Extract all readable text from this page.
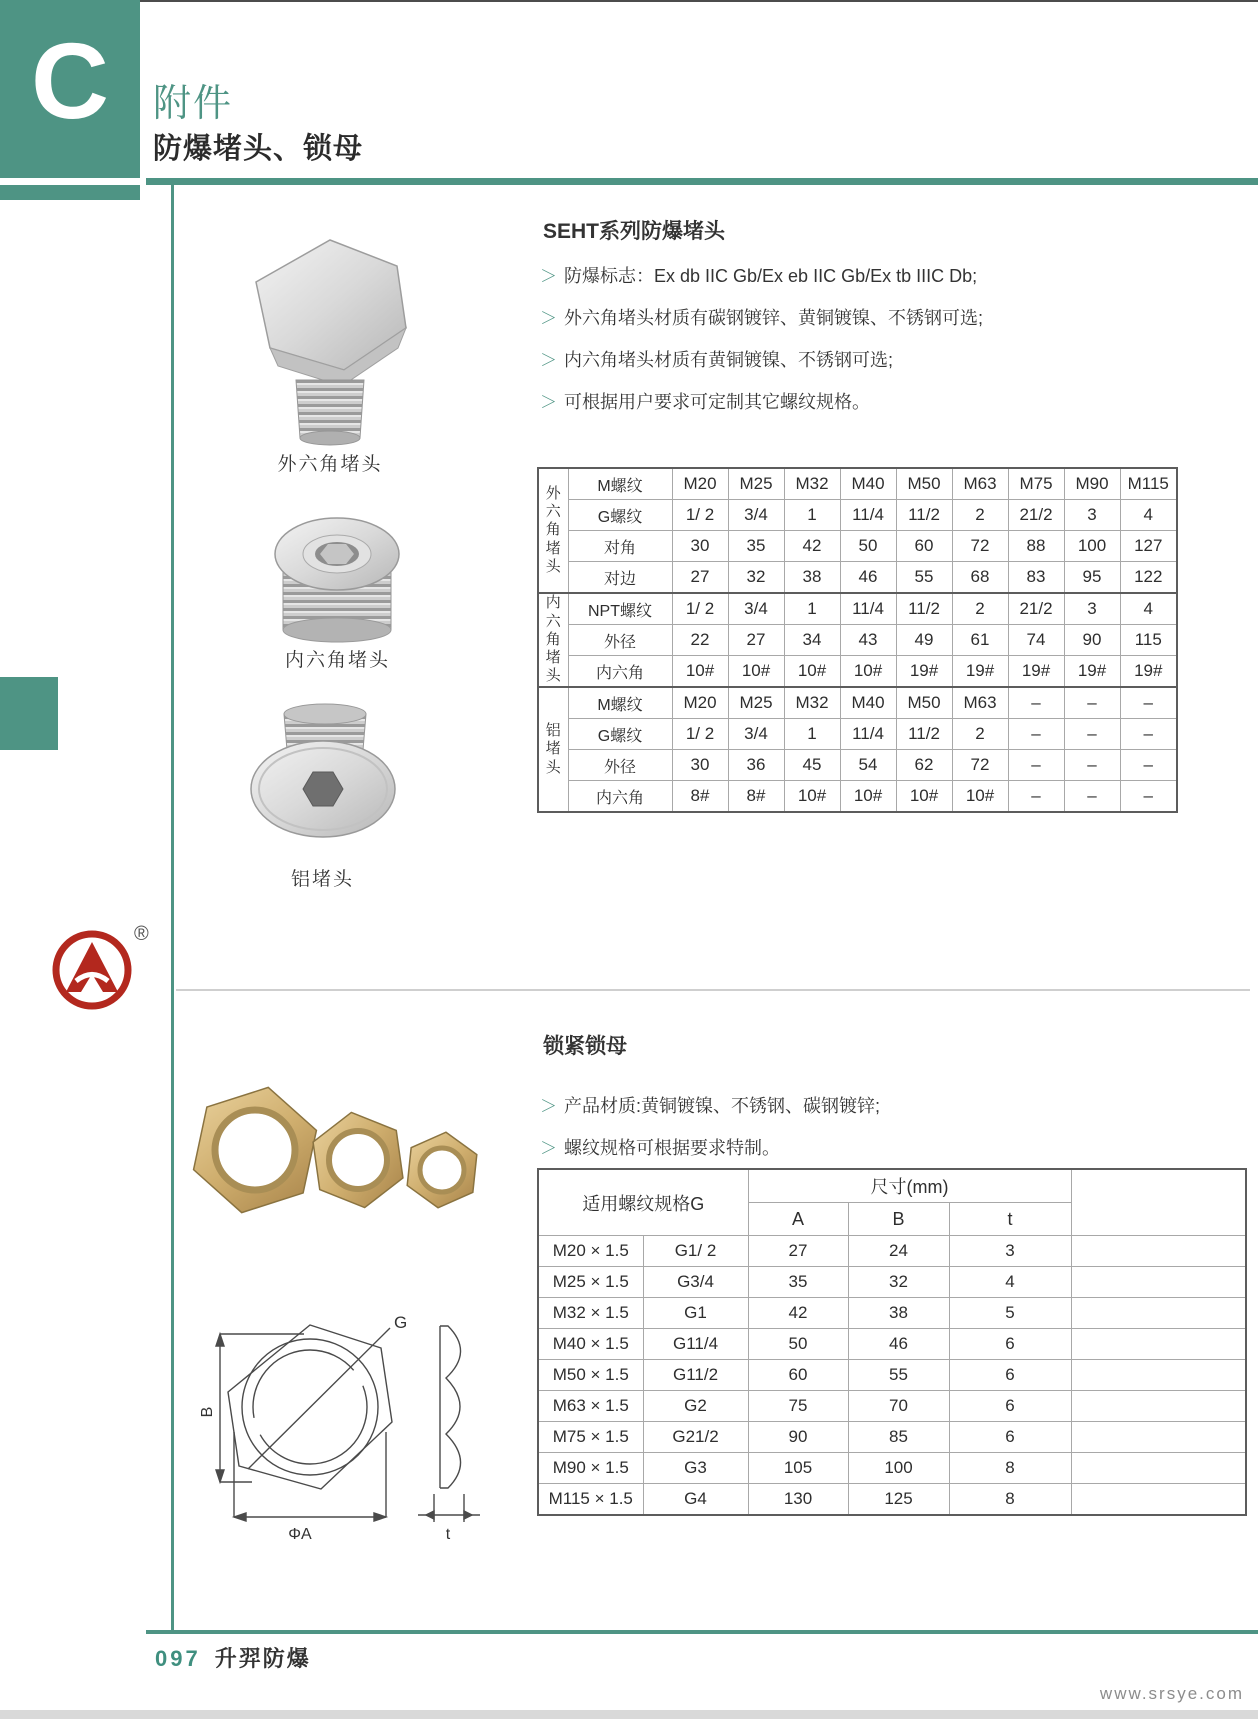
C	附件
防爆堵头、锁母
®
SEHT系列防爆堵头
＞ 防爆标志：Ex db IIC Gb/Ex eb IIC Gb/Ex tb IIIC Db;
＞ 外六角堵头材质有碳钢镀锌、黄铜镀镍、不锈钢可选;
＞ 内六角堵头材质有黄铜镀镍、不锈钢可选;
＞ 可根据用户要求可定制其它螺纹规格。
外六角堵头
内六角堵头
铝堵头
外六角堵头	M螺纹	M20	M25	M32	M40	M50	M63	M75	M90	M115
	G螺纹	1/ 2	3/4	1	11/4	11/2	2	21/2	3	4
	对角	30	35	42	50	60	72	88	100	127
	对边	27	32	38	46	55	68	83	95	122

内六角堵头	NPT螺纹	1/ 2	3/4	1	11/4	11/2	2	21/2	3	4
	外径	22	27	34	43	49	61	74	90	115
	内六角	10#	10#	10#	10#	19#	19#	19#	19#	19#

铝堵头	M螺纹	M20	M25	M32	M40	M50	M63	–	–	–
	G螺纹	1/ 2	3/4	1	11/4	11/2	2	–	–	–
	外径	30	36	45	54	62	72	–	–	–
	内六角	8#	8#	10#	10#	10#	10#	–	–	–
锁紧锁母
＞ 产品材质:黄铜镀镍、不锈钢、碳钢镀锌;
＞ 螺纹规格可根据要求特制。
G
B
ΦA	t
适用螺纹规格G		尺寸(mm)			
		A	B	t	
M20 × 1.5	G1/ 2	27	24	3	
M25 × 1.5	G3/4	35	32	4	
M32 × 1.5	G1	42	38	5	
M40 × 1.5	G11/4	50	46	6	
M50 × 1.5	G11/2	60	55	6	
M63 × 1.5	G2	75	70	6	
M75 × 1.5	G21/2	90	85	6	
M90 × 1.5	G3	105	100	8	
M115 × 1.5	G4	130	125	8	
097 升羿防爆
www.srsye.com
